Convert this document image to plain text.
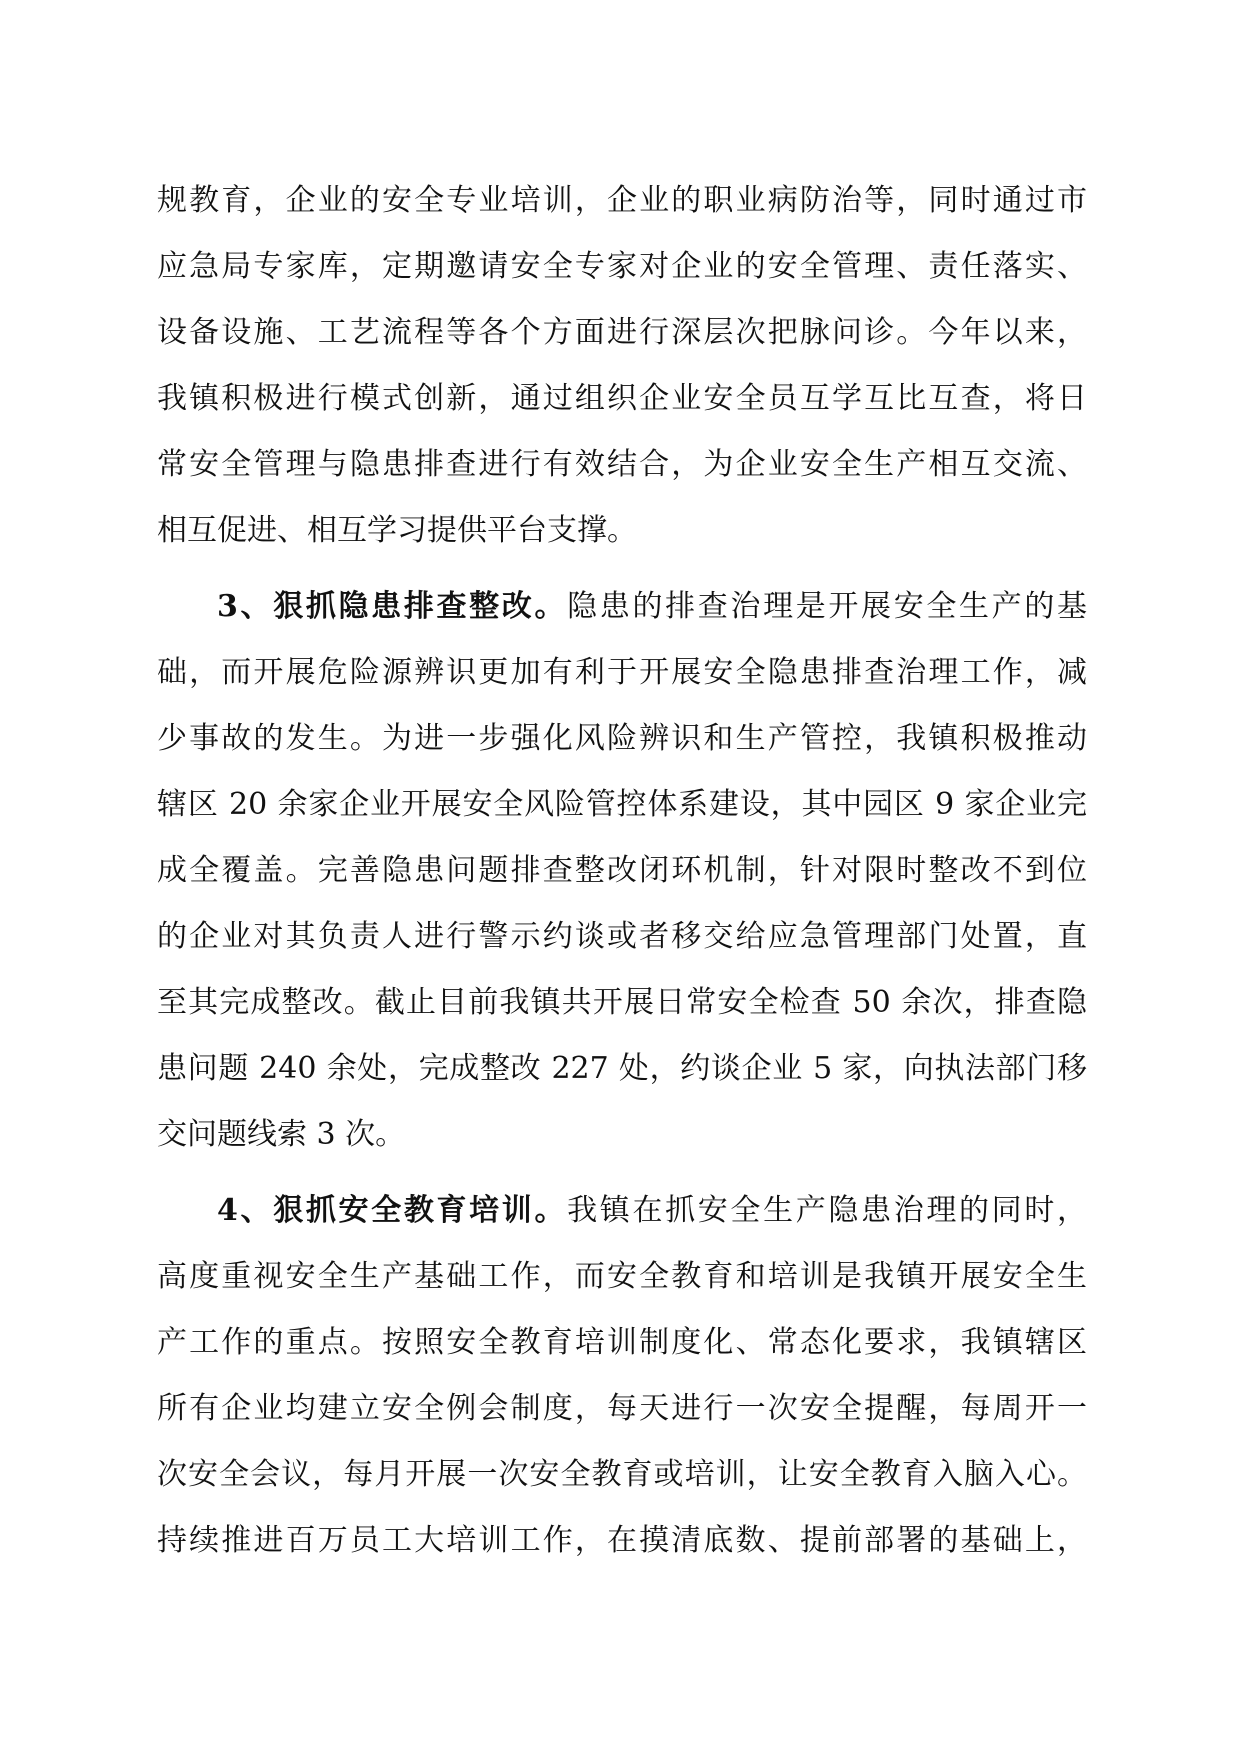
规教育，企业的安全专业培训，企业的职业病防治等，同时通过市
应急局专家库，定期邀请安全专家对企业的安全管理、责任落实、
设备设施、工艺流程等各个方面进行深层次把脉问诊。今年以来，
我镇积极进行模式创新，通过组织企业安全员互学互比互查，将日
常安全管理与隐患排查进行有效结合，为企业安全生产相互交流、
相互促进、相互学习提供平台支撑。

3、狠抓隐患排查整改。隐患的排查治理是开展安全生产的基
础，而开展危险源辨识更加有利于开展安全隐患排查治理工作，减
少事故的发生。为进一步强化风险辨识和生产管控，我镇积极推动
辖区 20 余家企业开展安全风险管控体系建设，其中园区 9 家企业完
成全覆盖。完善隐患问题排查整改闭环机制，针对限时整改不到位
的企业对其负责人进行警示约谈或者移交给应急管理部门处置，直
至其完成整改。截止目前我镇共开展日常安全检查 50 余次，排查隐
患问题 240 余处，完成整改 227 处，约谈企业 5 家，向执法部门移
交问题线索 3 次。

4、狠抓安全教育培训。我镇在抓安全生产隐患治理的同时，
高度重视安全生产基础工作，而安全教育和培训是我镇开展安全生
产工作的重点。按照安全教育培训制度化、常态化要求，我镇辖区
所有企业均建立安全例会制度，每天进行一次安全提醒，每周开一
次安全会议，每月开展一次安全教育或培训，让安全教育入脑入心。
持续推进百万员工大培训工作，在摸清底数、提前部署的基础上，
